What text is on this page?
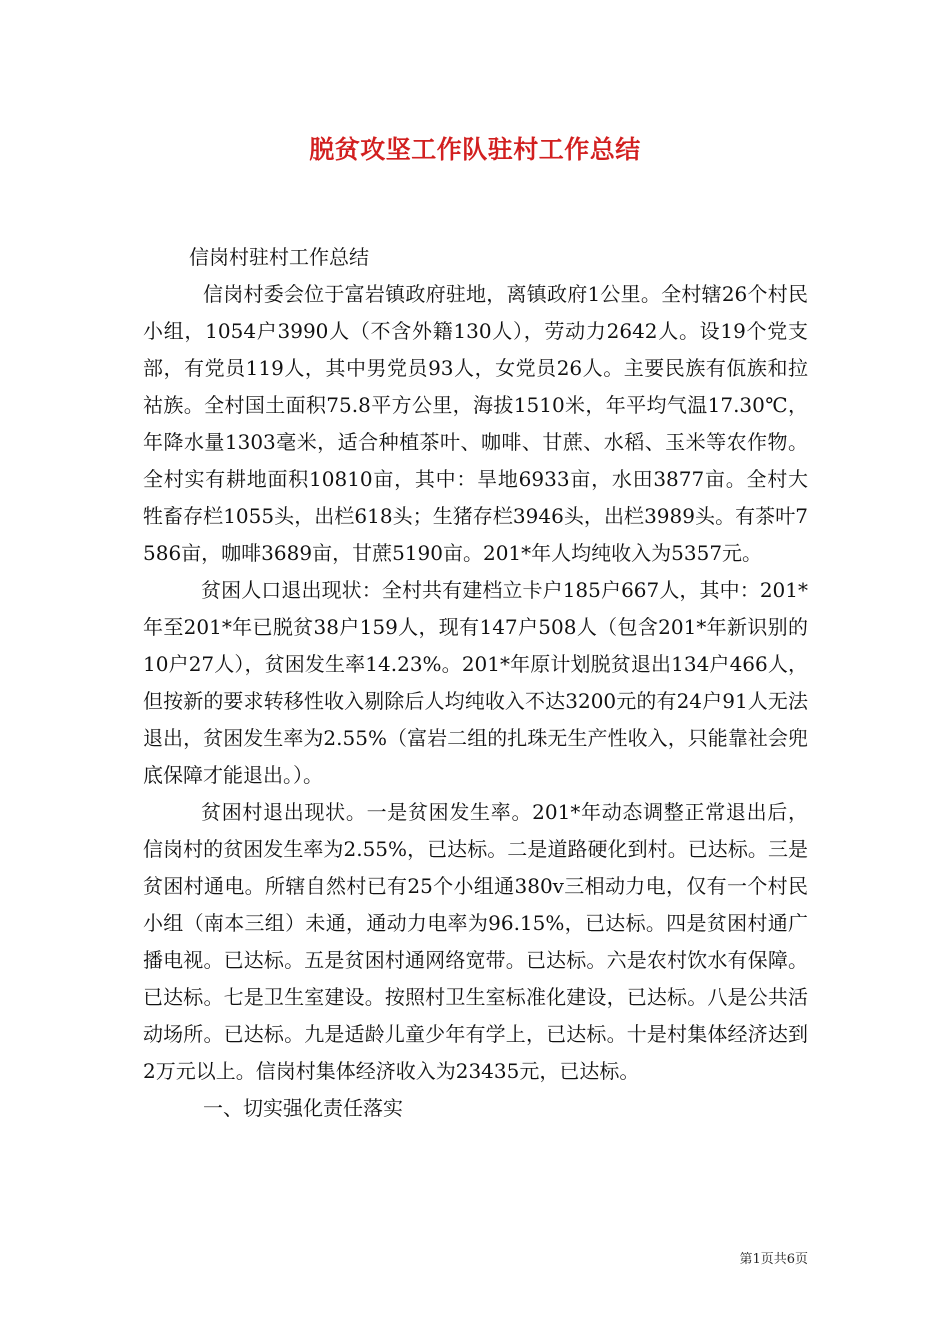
脱贫攻坚工作队驻村工作总结

信岗村驻村工作总结

信岗村委会位于富岩镇政府驻地，离镇政府1公里。全村辖26个村民小组，1054户3990人（不含外籍130人），劳动力2642人。设19个党支部，有党员119人，其中男党员93人，女党员26人。主要民族有佤族和拉祜族。全村国土面积75.8平方公里，海拔1510米，年平均气温17.30℃，年降水量1303毫米，适合种植茶叶、咖啡、甘蔗、水稻、玉米等农作物。全村实有耕地面积10810亩，其中：旱地6933亩，水田3877亩。全村大牲畜存栏1055头，出栏618头；生猪存栏3946头，出栏3989头。有茶叶7586亩，咖啡3689亩，甘蔗5190亩。201*年人均纯收入为5357元。

贫困人口退出现状：全村共有建档立卡户185户667人，其中：201*年至201*年已脱贫38户159人，现有147户508人（包含201*年新识别的10户27人），贫困发生率14.23%。201*年原计划脱贫退出134户466人，但按新的要求转移性收入剔除后人均纯收入不达3200元的有24户91人无法退出，贫困发生率为2.55%（富岩二组的扎珠无生产性收入，只能靠社会兜底保障才能退出。）。

贫困村退出现状。一是贫困发生率。201*年动态调整正常退出后，信岗村的贫困发生率为2.55%，已达标。二是道路硬化到村。已达标。三是贫困村通电。所辖自然村已有25个小组通380v三相动力电，仅有一个村民小组（南本三组）未通，通动力电率为96.15%，已达标。四是贫困村通广播电视。已达标。五是贫困村通网络宽带。已达标。六是农村饮水有保障。已达标。七是卫生室建设。按照村卫生室标准化建设，已达标。八是公共活动场所。已达标。九是适龄儿童少年有学上，已达标。十是村集体经济达到2万元以上。信岗村集体经济收入为23435元，已达标。

一、切实强化责任落实

第1页共6页
